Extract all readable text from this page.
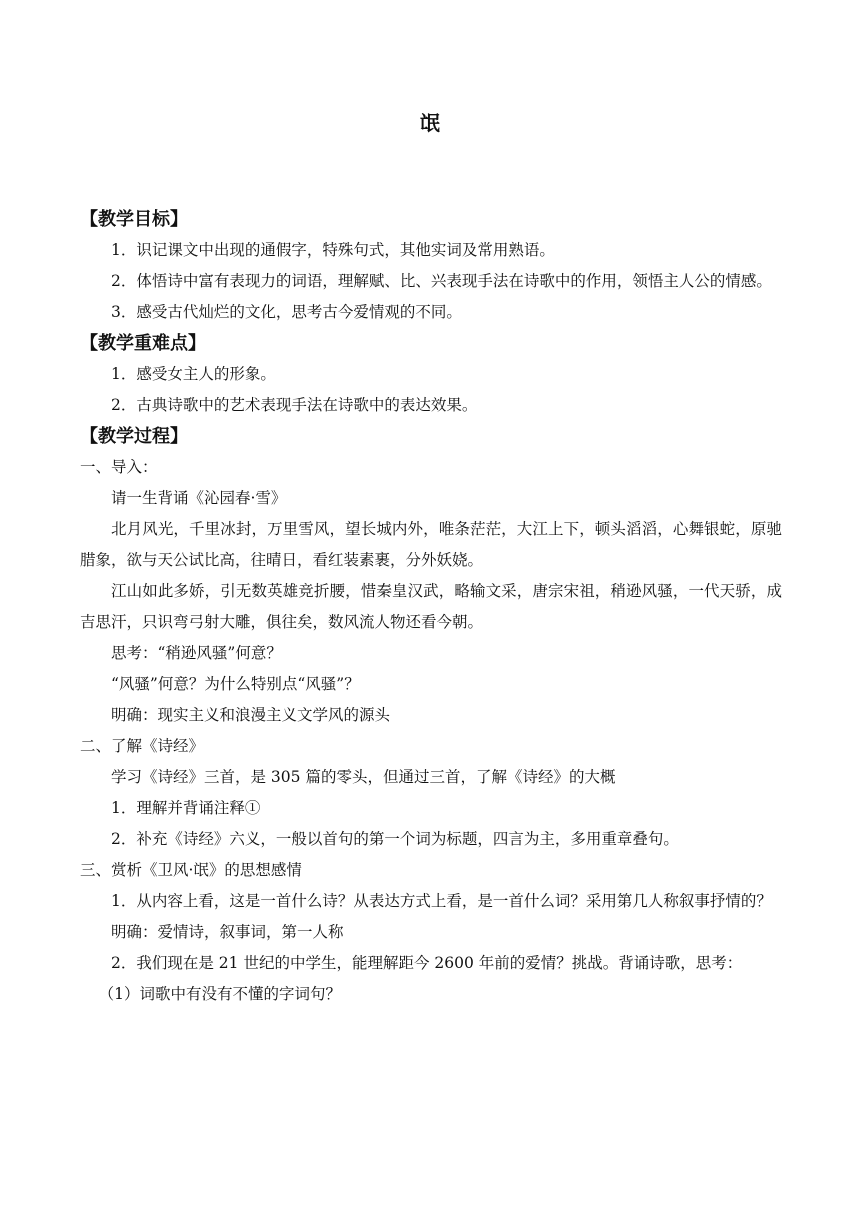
氓
【教学目标】
1．识记课文中出现的通假字，特殊句式，其他实词及常用熟语。
2．体悟诗中富有表现力的词语，理解赋、比、兴表现手法在诗歌中的作用，领悟主人公的情感。
3．感受古代灿烂的文化，思考古今爱情观的不同。
【教学重难点】
1．感受女主人的形象。
2．古典诗歌中的艺术表现手法在诗歌中的表达效果。
【教学过程】
一、导入：
请一生背诵《沁园春·雪》
北月风光，千里冰封，万里雪风，望长城内外，唯条茫茫，大江上下，顿头滔滔，心舞银蛇，原驰腊象，欲与天公试比高，往晴日，看红装素裹，分外妖娆。
江山如此多娇，引无数英雄竞折腰，惜秦皇汉武，略输文采，唐宗宋祖，稍逊风骚，一代天骄，成吉思汗，只识弯弓射大雕，俱往矣，数风流人物还看今朝。
思考：“稍逊风骚”何意？
“风骚”何意？为什么特别点“风骚”？
明确：现实主义和浪漫主义文学风的源头
二、了解《诗经》
学习《诗经》三首，是 305 篇的零头，但通过三首，了解《诗经》的大概
1．理解并背诵注释①
2．补充《诗经》六义，一般以首句的第一个词为标题，四言为主，多用重章叠句。
三、赏析《卫风·氓》的思想感情
1．从内容上看，这是一首什么诗？从表达方式上看，是一首什么词？采用第几人称叙事抒情的？
明确：爱情诗，叙事词，第一人称
2．我们现在是 21 世纪的中学生，能理解距今 2600 年前的爱情？挑战。背诵诗歌，思考：
（1）词歌中有没有不懂的字词句？
